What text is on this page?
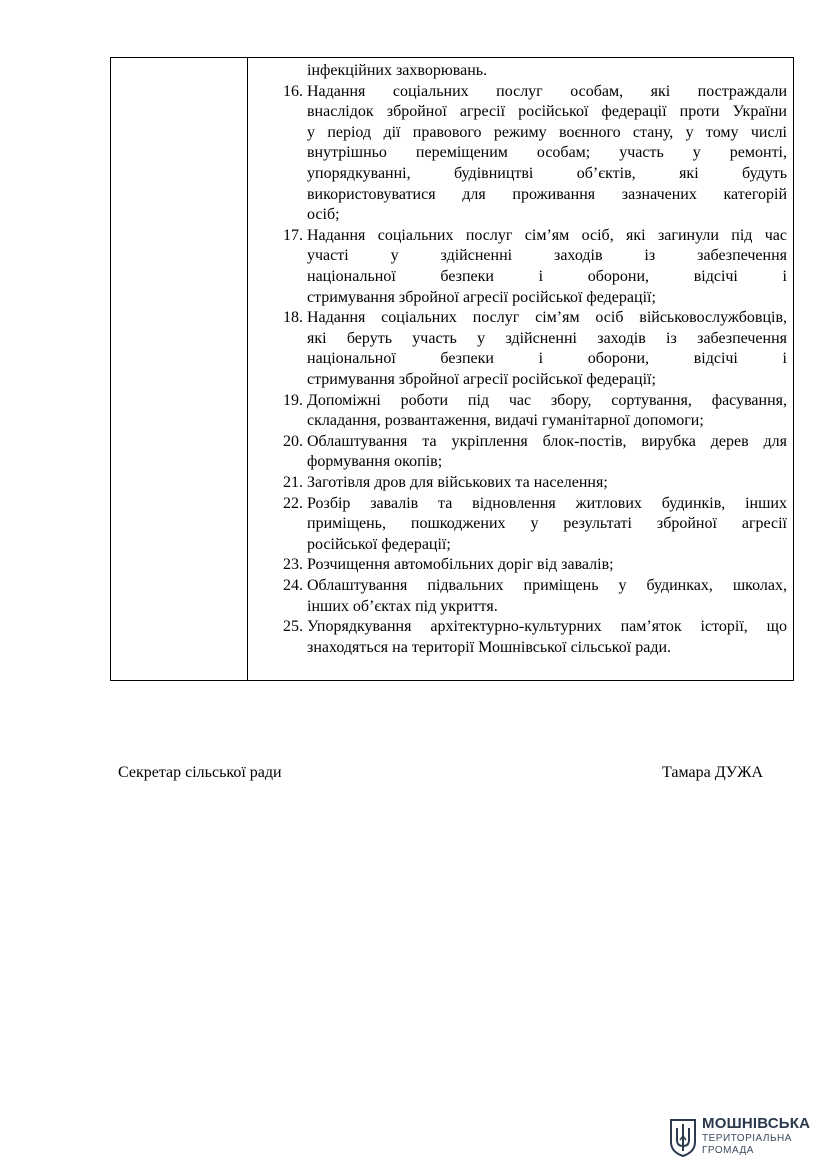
інфекційних захворювань.
16. Надання соціальних послуг особам, які постраждали
внаслідок збройної агресії російської федерації проти України
у період дії правового режиму воєнного стану, у тому числі
внутрішньо переміщеним особам; участь у ремонті,
упорядкуванні, будівництві об’єктів, які будуть
використовуватися для проживання зазначених категорій
осіб;
17. Надання соціальних послуг сім’ям осіб, які загинули під час
участі у здійсненні заходів із забезпечення
національної безпеки і оборони, відсічі і
стримування збройної агресії російської федерації;
18. Надання соціальних послуг сім’ям осіб військовослужбовців,
які беруть участь у здійсненні заходів із забезпечення
національної безпеки і оборони, відсічі і
стримування збройної агресії російської федерації;
19. Допоміжні роботи під час збору, сортування, фасування,
складання, розвантаження, видачі гуманітарної допомоги;
20. Облаштування та укріплення блок-постів, вирубка дерев для
формування окопів;
21. Заготівля дров для військових та населення;
22. Розбір завалів та відновлення житлових будинків, інших
приміщень, пошкоджених у результаті збройної агресії
російської федерації;
23. Розчищення автомобільних доріг від завалів;
24. Облаштування підвальних приміщень у будинках, школах,
інших об’єктах під укриття.
25. Упорядкування архітектурно-культурних пам’яток історії, що
знаходяться на території Мошнівської сільської ради.
Секретар сільської ради	Тамара ДУЖА
МОШНІВСЬКА
ТЕРИТОРІАЛЬНА
ГРОМАДА
